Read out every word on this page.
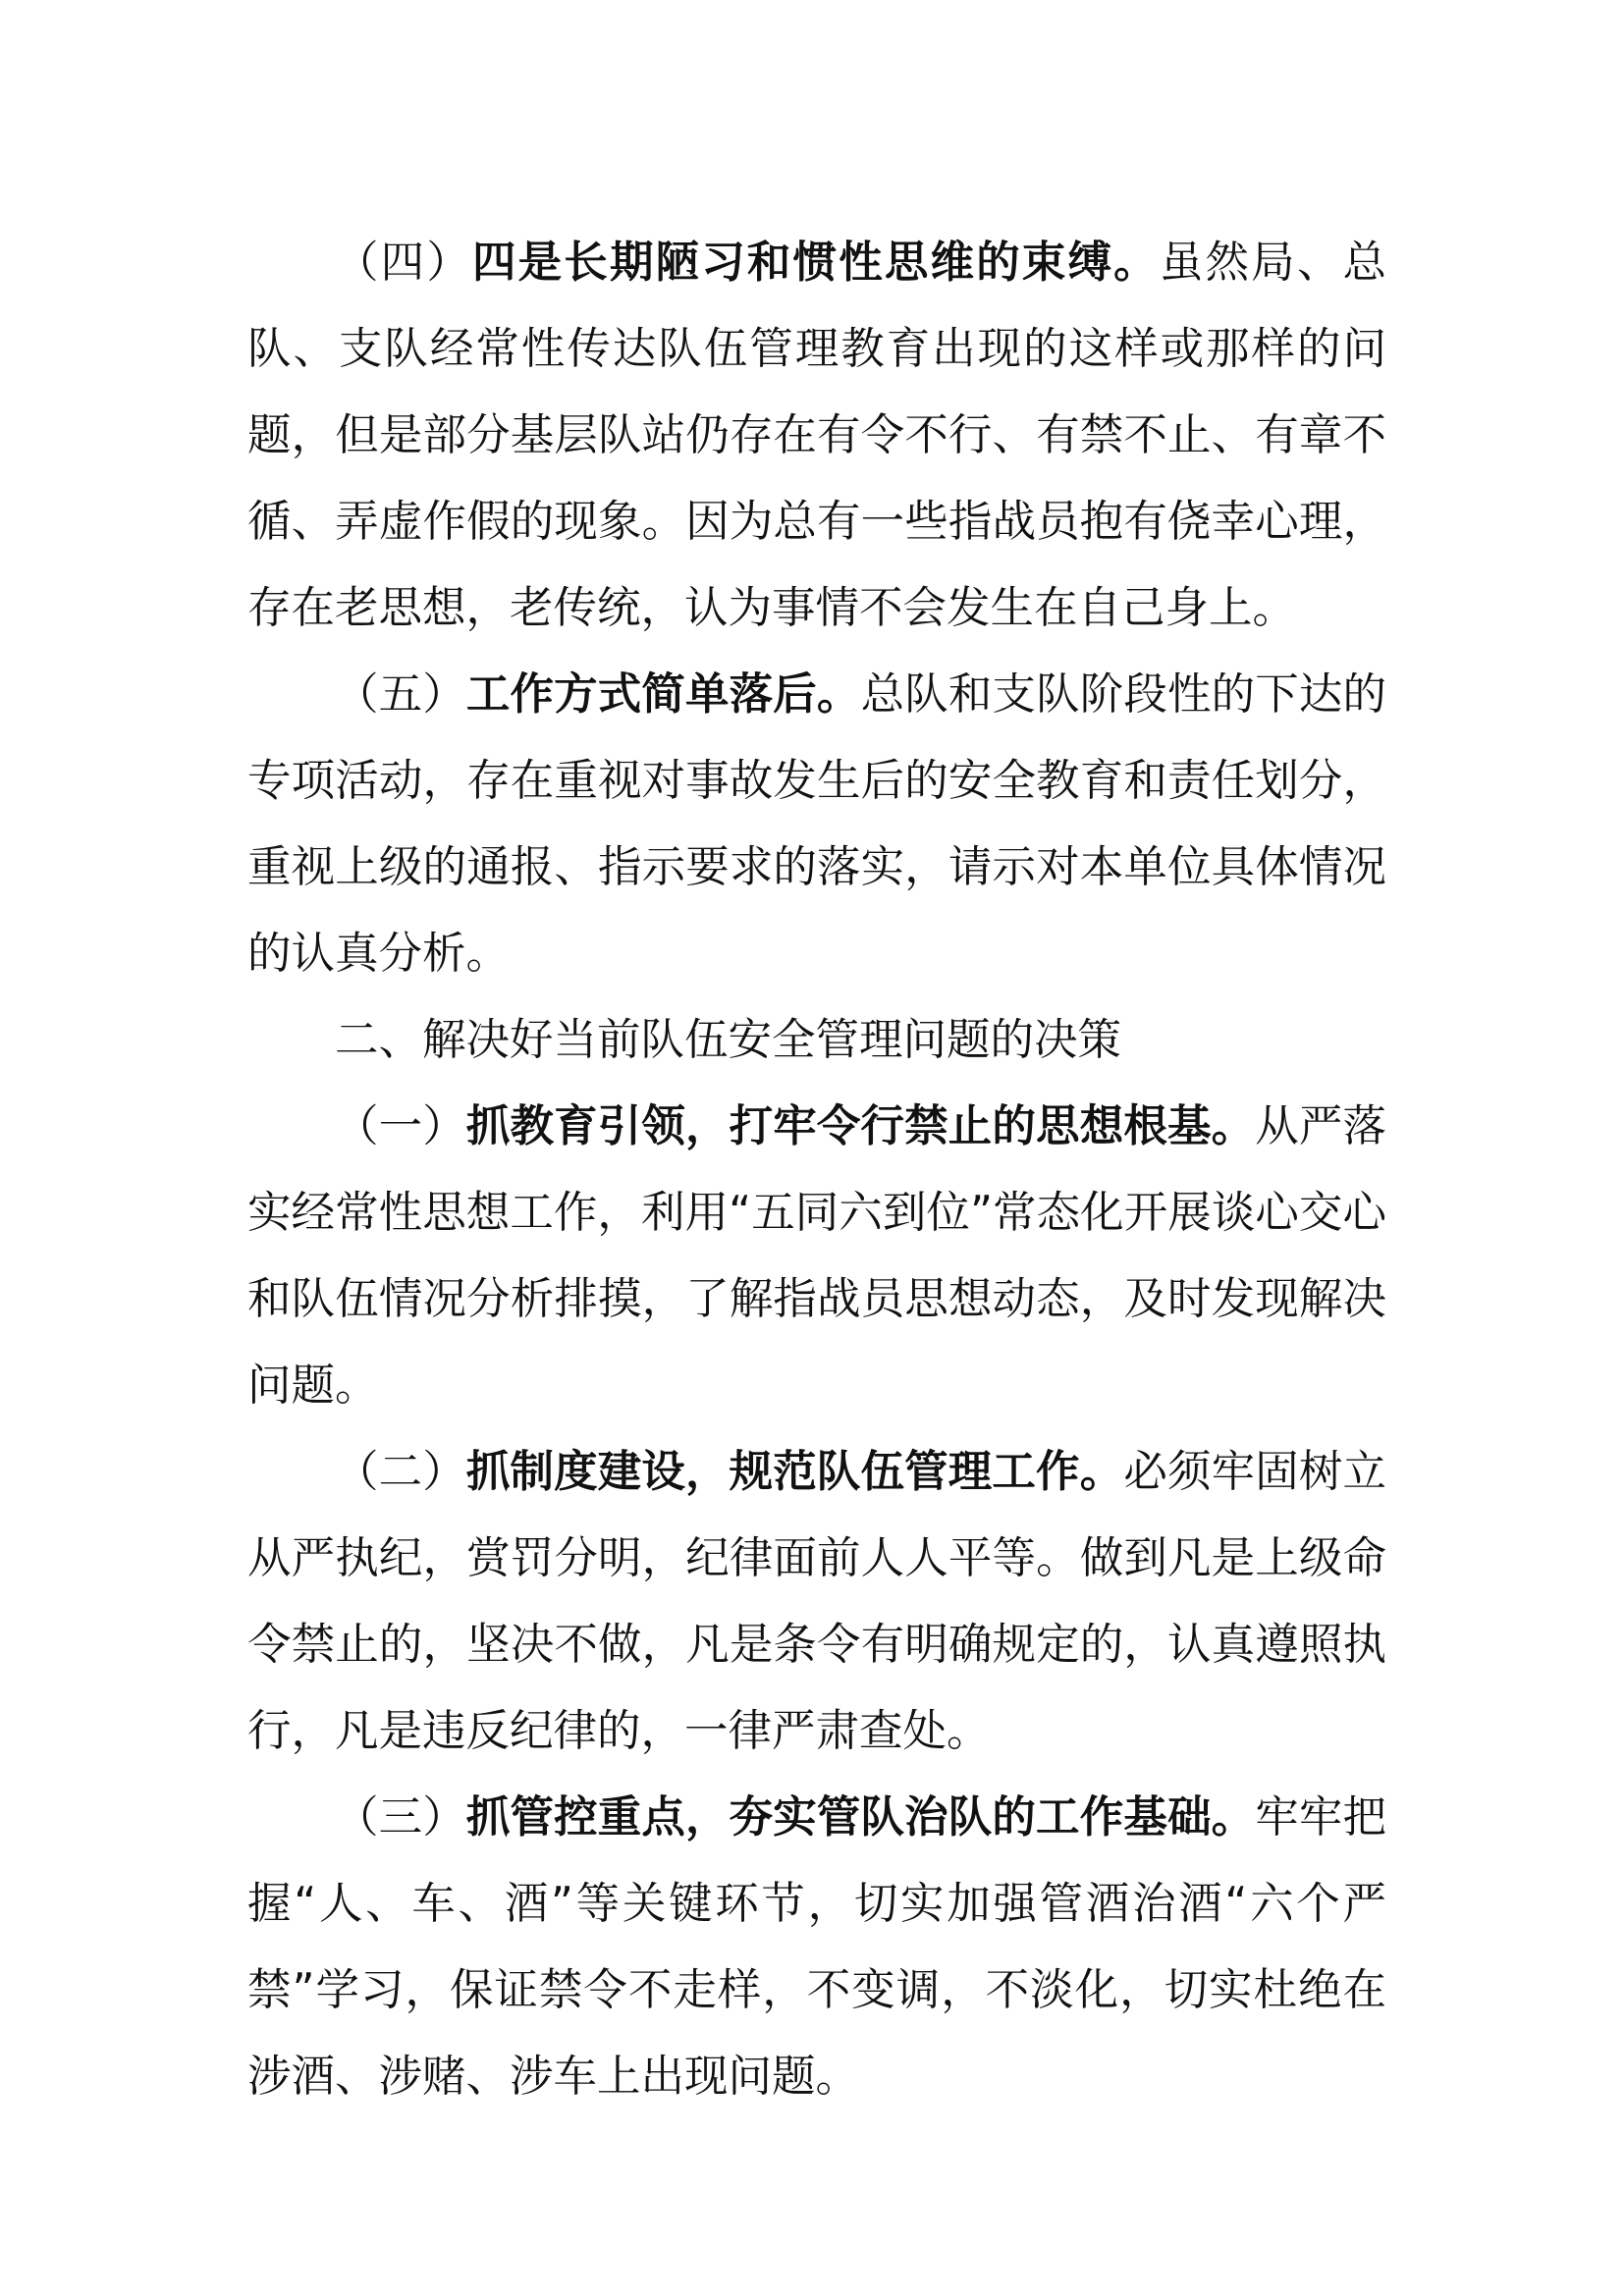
（四）四是长期陋习和惯性思维的束缚。虽然局、总队、支队经常性传达队伍管理教育出现的这样或那样的问题，但是部分基层队站仍存在有令不行、有禁不止、有章不循、弄虚作假的现象。因为总有一些指战员抱有侥幸心理，存在老思想，老传统，认为事情不会发生在自己身上。

（五）工作方式简单落后。总队和支队阶段性的下达的专项活动，存在重视对事故发生后的安全教育和责任划分，重视上级的通报、指示要求的落实，请示对本单位具体情况的认真分析。

二、解决好当前队伍安全管理问题的决策

（一）抓教育引领，打牢令行禁止的思想根基。从严落实经常性思想工作，利用“五同六到位”常态化开展谈心交心和队伍情况分析排摸，了解指战员思想动态，及时发现解决问题。

（二）抓制度建设，规范队伍管理工作。必须牢固树立从严执纪，赏罚分明，纪律面前人人平等。做到凡是上级命令禁止的，坚决不做，凡是条令有明确规定的，认真遵照执行，凡是违反纪律的，一律严肃查处。

（三）抓管控重点，夯实管队治队的工作基础。牢牢把握“人、车、酒”等关键环节，切实加强管酒治酒“六个严禁”学习，保证禁令不走样，不变调，不淡化，切实杜绝在涉酒、涉赌、涉车上出现问题。
